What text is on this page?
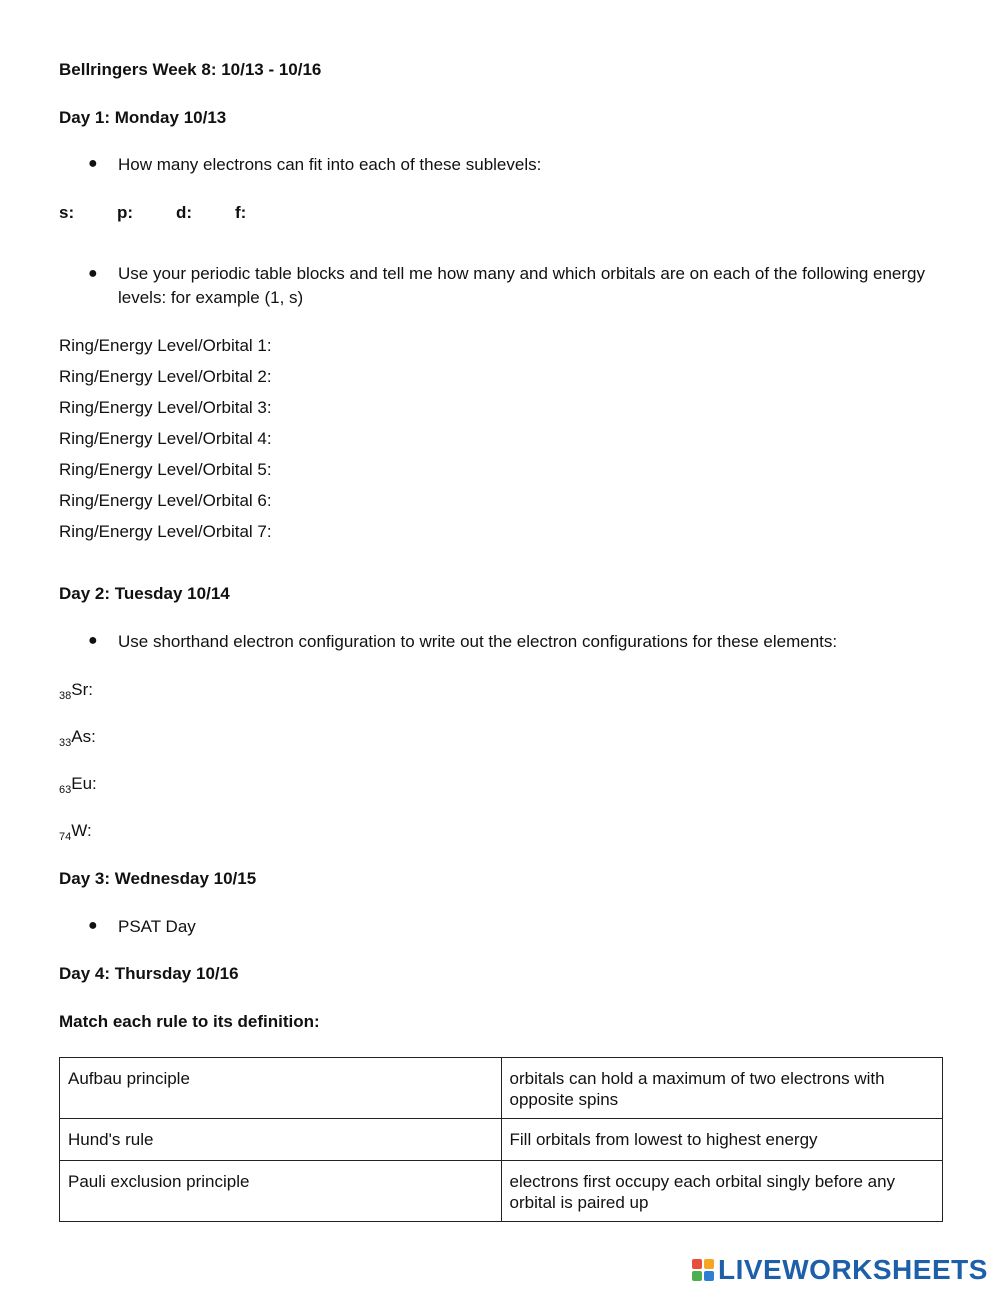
Bellringers Week 8: 10/13 - 10/16
Day 1: Monday 10/13
● How many electrons can fit into each of these sublevels:
s:	p:	d:	f:
● Use your periodic table blocks and tell me how many and which orbitals are on each of the following energy levels: for example (1, s)
Ring/Energy Level/Orbital 1:
Ring/Energy Level/Orbital 2:
Ring/Energy Level/Orbital 3:
Ring/Energy Level/Orbital 4:
Ring/Energy Level/Orbital 5:
Ring/Energy Level/Orbital 6:
Ring/Energy Level/Orbital 7:
Day 2: Tuesday 10/14
● Use shorthand electron configuration to write out the electron configurations for these elements:
$_{38}$Sr:
$_{33}$As:
$_{63}$Eu:
$_{74}$W:
Day 3: Wednesday 10/15
● PSAT Day
Day 4: Thursday 10/16
Match each rule to its definition:
Aufbau principle	orbitals can hold a maximum of two electrons with opposite spins
Hund's rule	Fill orbitals from lowest to highest energy
Pauli exclusion principle	electrons first occupy each orbital singly before any orbital is paired up
LIVEWORKSHEETS
